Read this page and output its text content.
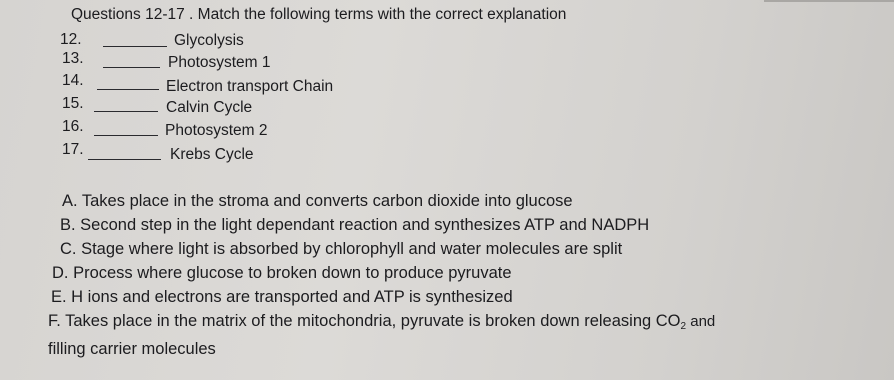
Questions 12-17 . Match the following terms with the correct explanation
12.	Glycolysis
13.	Photosystem 1
14.	Electron transport Chain
15.	Calvin Cycle
16.	Photosystem 2
17.	Krebs Cycle
A. Takes place in the stroma and converts carbon dioxide into glucose
B. Second step in the light dependant reaction and synthesizes ATP and NADPH
C. Stage where light is absorbed by chlorophyll and water molecules are split
D. Process where glucose to broken down to produce pyruvate
E. H ions and electrons are transported and ATP is synthesized
F. Takes place in the matrix of the mitochondria, pyruvate is broken down releasing $CO_2$ and
filling carrier molecules
